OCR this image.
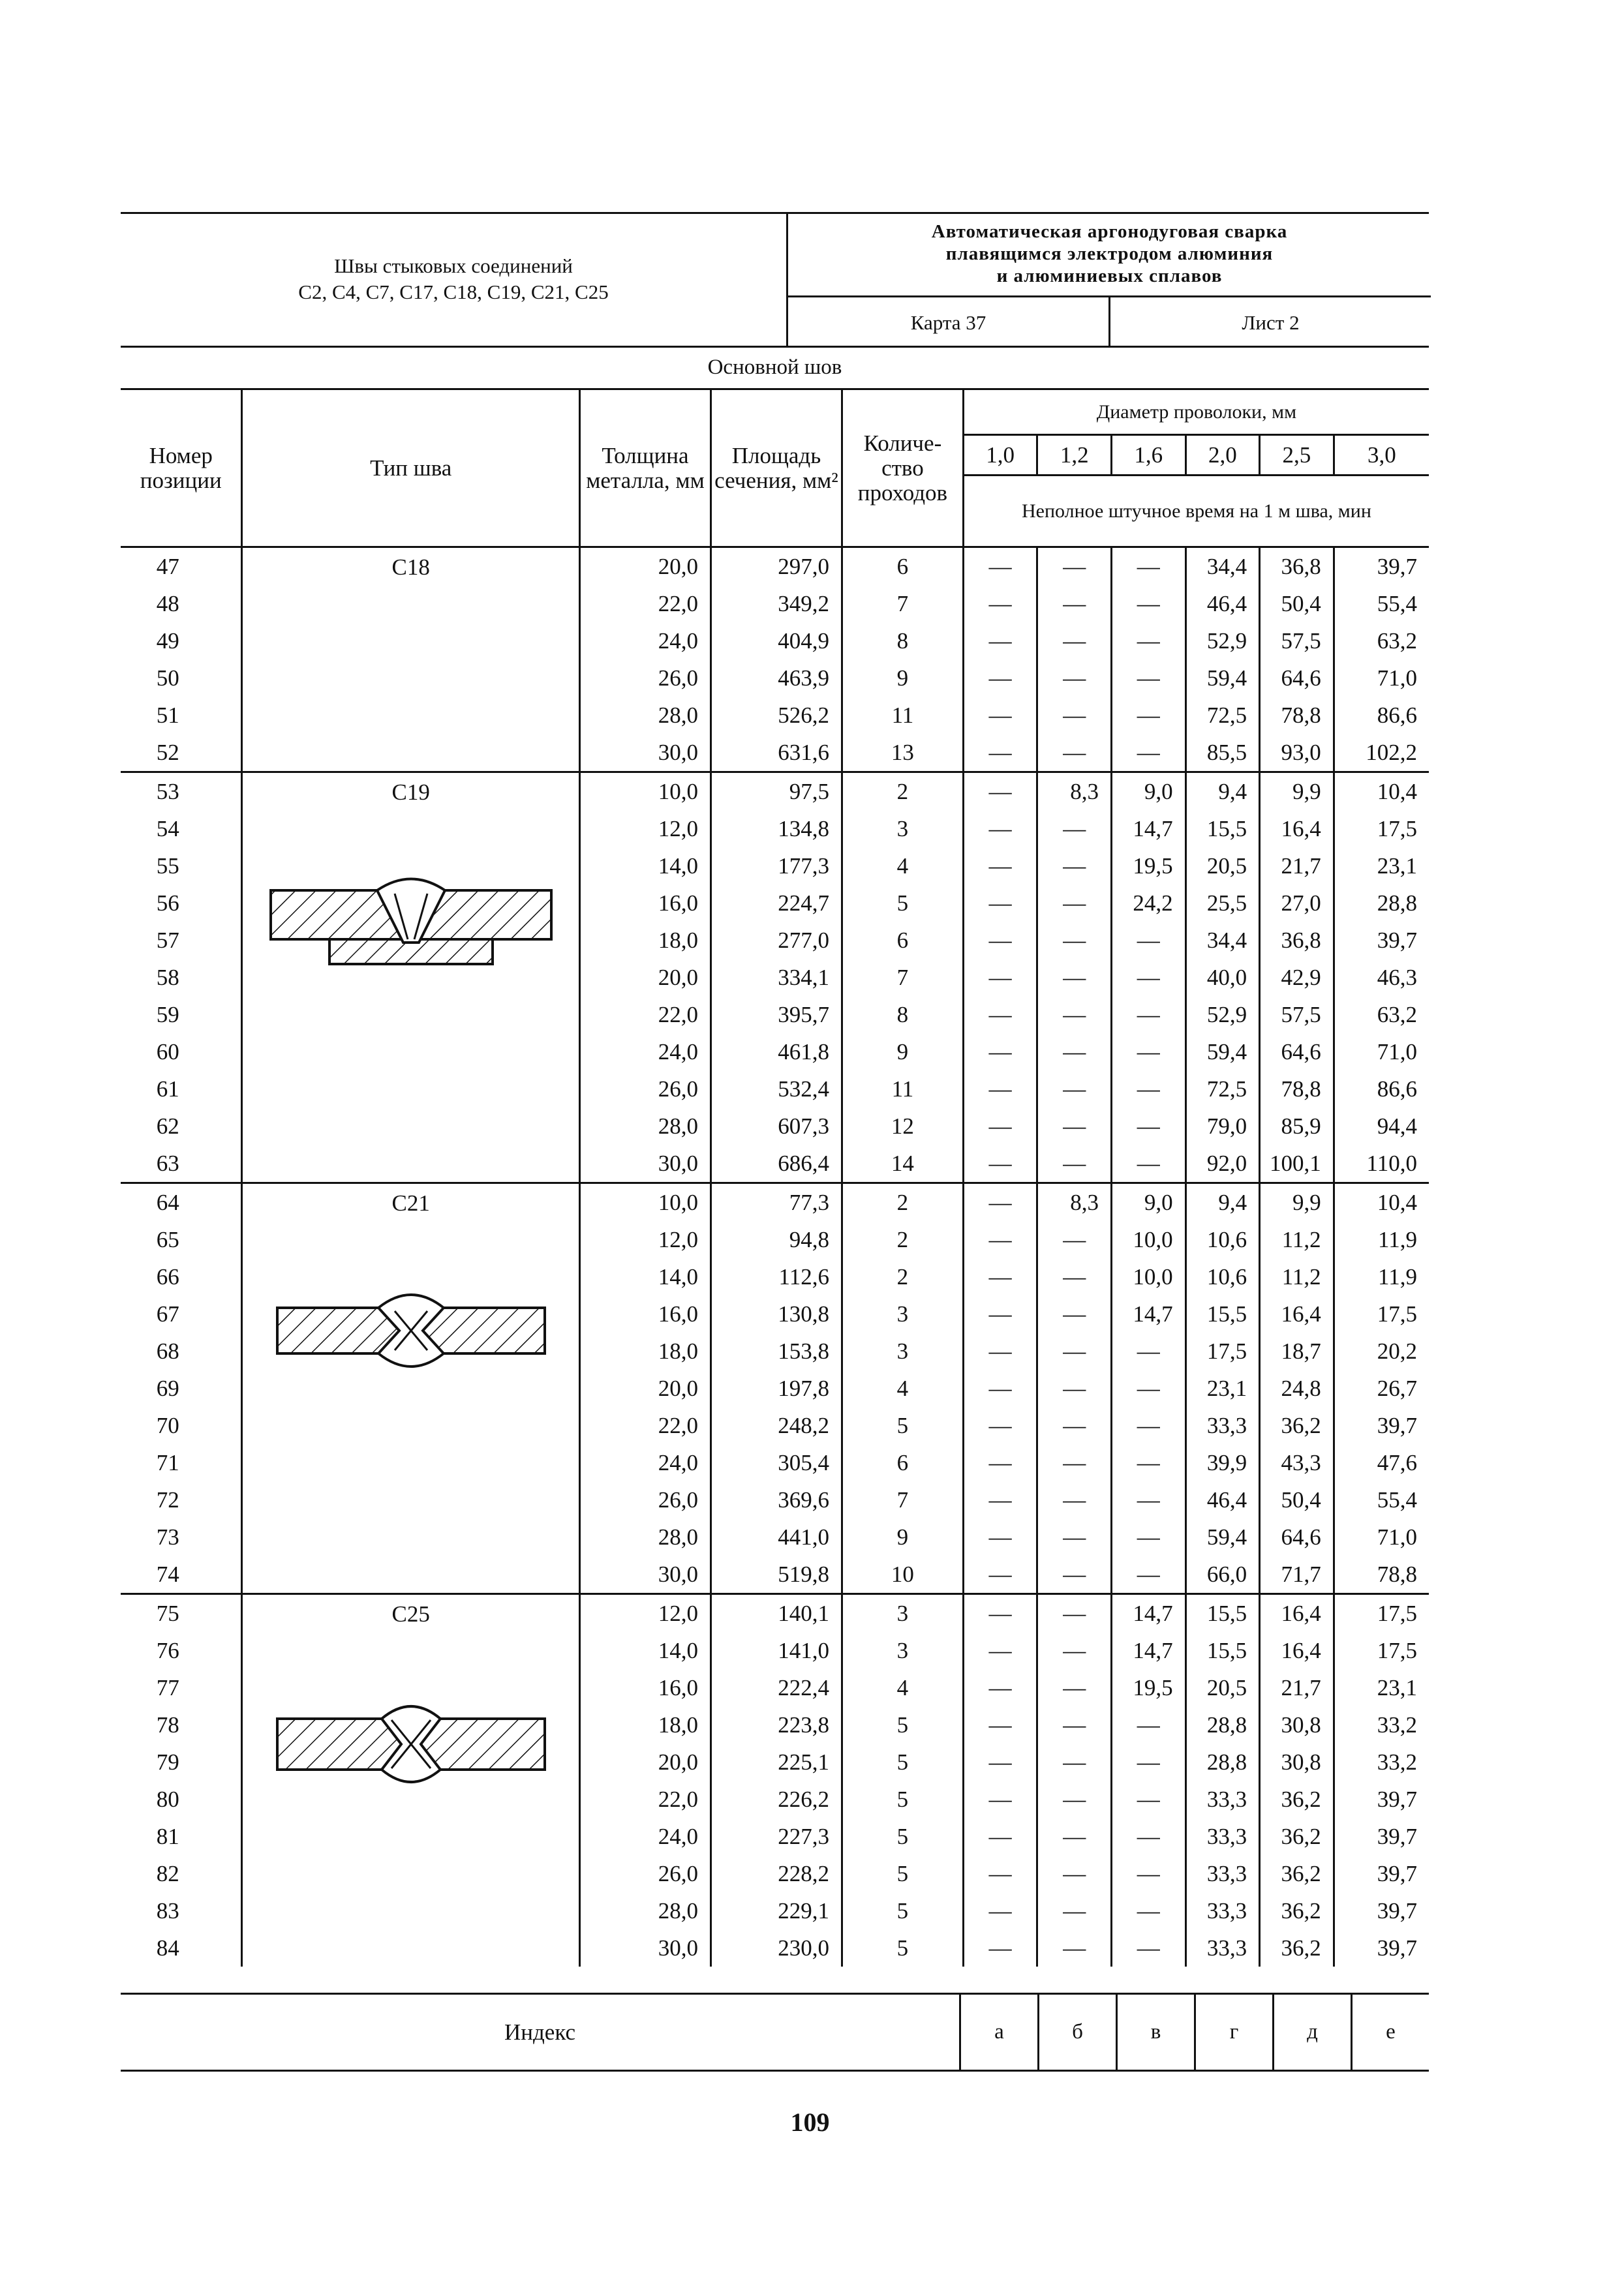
Швы стыковых соединений
С2, С4, С7, С17, С18, С19, С21, С25
Автоматическая аргонодуговая сварка
плавящимся электродом алюминия
и алюминиевых сплавов
Карта 37	Лист 2
Основной шов
Номер позиции	Тип шва	Толщина металла, мм	Площадь сечения, мм²	Количе- ство проходов	Диаметр проволоки, мм					
					1,0	1,2	1,6	2,0	2,5	3,0
					Неполное штучное время на 1 м шва, мин					
47	С18	20,0	297,0	6	—	—	—	34,4	36,8	39,7
48		22,0	349,2	7	—	—	—	46,4	50,4	55,4
49		24,0	404,9	8	—	—	—	52,9	57,5	63,2
50		26,0	463,9	9	—	—	—	59,4	64,6	71,0
51		28,0	526,2	11	—	—	—	72,5	78,8	86,6
52		30,0	631,6	13	—	—	—	85,5	93,0	102,2
53	С19	10,0	97,5	2	—	8,3	9,0	9,4	9,9	10,4
54		12,0	134,8	3	—	—	14,7	15,5	16,4	17,5
55		14,0	177,3	4	—	—	19,5	20,5	21,7	23,1
56		16,0	224,7	5	—	—	24,2	25,5	27,0	28,8
57		18,0	277,0	6	—	—	—	34,4	36,8	39,7
58		20,0	334,1	7	—	—	—	40,0	42,9	46,3
59		22,0	395,7	8	—	—	—	52,9	57,5	63,2
60		24,0	461,8	9	—	—	—	59,4	64,6	71,0
61		26,0	532,4	11	—	—	—	72,5	78,8	86,6
62		28,0	607,3	12	—	—	—	79,0	85,9	94,4
63		30,0	686,4	14	—	—	—	92,0	100,1	110,0
64	С21	10,0	77,3	2	—	8,3	9,0	9,4	9,9	10,4
65		12,0	94,8	2	—	—	10,0	10,6	11,2	11,9
66		14,0	112,6	2	—	—	10,0	10,6	11,2	11,9
67		16,0	130,8	3	—	—	14,7	15,5	16,4	17,5
68		18,0	153,8	3	—	—	—	17,5	18,7	20,2
69		20,0	197,8	4	—	—	—	23,1	24,8	26,7
70		22,0	248,2	5	—	—	—	33,3	36,2	39,7
71		24,0	305,4	6	—	—	—	39,9	43,3	47,6
72		26,0	369,6	7	—	—	—	46,4	50,4	55,4
73		28,0	441,0	9	—	—	—	59,4	64,6	71,0
74		30,0	519,8	10	—	—	—	66,0	71,7	78,8
75	С25	12,0	140,1	3	—	—	14,7	15,5	16,4	17,5
76		14,0	141,0	3	—	—	14,7	15,5	16,4	17,5
77		16,0	222,4	4	—	—	19,5	20,5	21,7	23,1
78		18,0	223,8	5	—	—	—	28,8	30,8	33,2
79		20,0	225,1	5	—	—	—	28,8	30,8	33,2
80		22,0	226,2	5	—	—	—	33,3	36,2	39,7
81		24,0	227,3	5	—	—	—	33,3	36,2	39,7
82		26,0	228,2	5	—	—	—	33,3	36,2	39,7
83		28,0	229,1	5	—	—	—	33,3	36,2	39,7
84		30,0	230,0	5	—	—	—	33,3	36,2	39,7
Индекс	а	б	в	г	д	е
109
